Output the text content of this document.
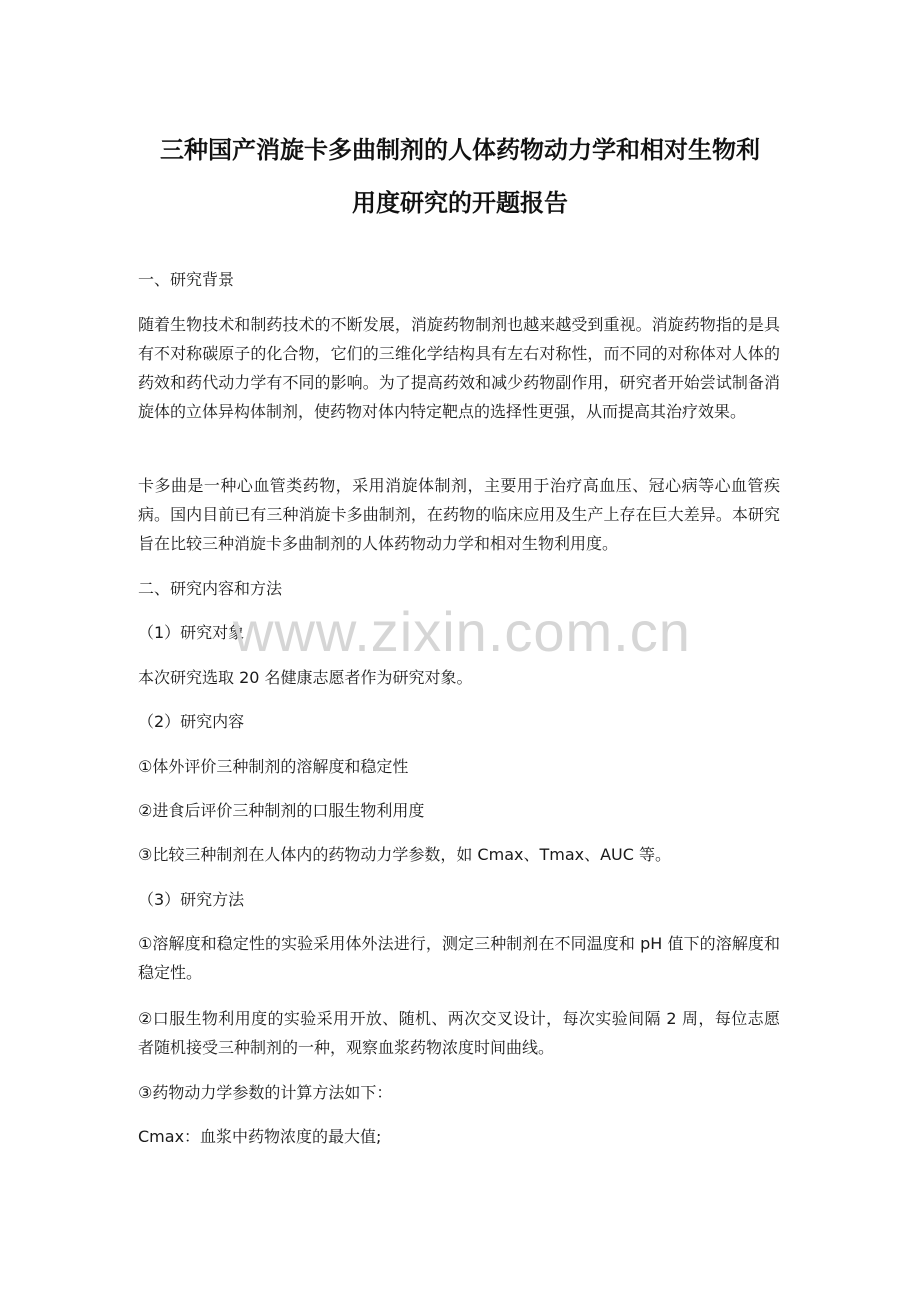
三种国产消旋卡多曲制剂的人体药物动力学和相对生物利
用度研究的开题报告

一、研究背景

随着生物技术和制药技术的不断发展，消旋药物制剂也越来越受到重视。消旋药物指的是具有不对称碳原子的化合物，它们的三维化学结构具有左右对称性，而不同的对称体对人体的药效和药代动力学有不同的影响。为了提高药效和减少药物副作用，研究者开始尝试制备消旋体的立体异构体制剂，使药物对体内特定靶点的选择性更强，从而提高其治疗效果。

卡多曲是一种心血管类药物，采用消旋体制剂，主要用于治疗高血压、冠心病等心血管疾病。国内目前已有三种消旋卡多曲制剂，在药物的临床应用及生产上存在巨大差异。本研究旨在比较三种消旋卡多曲制剂的人体药物动力学和相对生物利用度。

二、研究内容和方法

（1）研究对象

本次研究选取 20 名健康志愿者作为研究对象。

（2）研究内容

①体外评价三种制剂的溶解度和稳定性

②进食后评价三种制剂的口服生物利用度

③比较三种制剂在人体内的药物动力学参数，如 Cmax、Tmax、AUC 等。

（3）研究方法

①溶解度和稳定性的实验采用体外法进行，测定三种制剂在不同温度和 pH 值下的溶解度和稳定性。

②口服生物利用度的实验采用开放、随机、两次交叉设计，每次实验间隔 2 周，每位志愿者随机接受三种制剂的一种，观察血浆药物浓度时间曲线。

③药物动力学参数的计算方法如下：

Cmax：血浆中药物浓度的最大值;

www.zixin.com.cn
